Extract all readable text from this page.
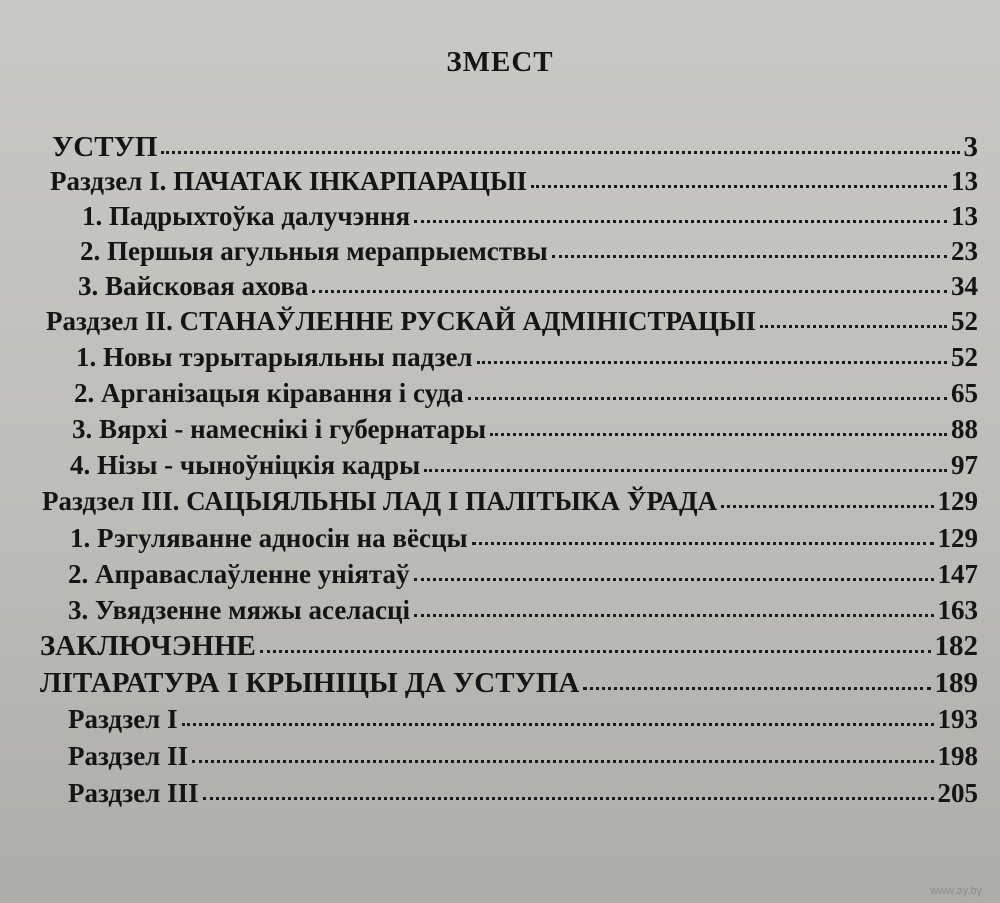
ЗМЕСТ
УСТУП	3
Раздзел I. ПАЧАТАК ІНКАРПАРАЦЫІ	13
1. Падрыхтоўка далучэння	13
2. Першыя агульныя мерапрыемствы	23
3. Вайсковая ахова	34
Раздзел II. СТАНАЎЛЕННЕ РУСКАЙ АДМІНІСТРАЦЫІ	52
1. Новы тэрытарыяльны падзел	52
2. Арганізацыя кіравання і суда	65
3. Вярхі - намеснікі і губернатары	88
4. Нізы - чыноўніцкія кадры	97
Раздзел III. САЦЫЯЛЬНЫ ЛАД І ПАЛІТЫКА ЎРАДА	129
1. Рэгуляванне адносін на вёсцы	129
2. Аправаслаўленне уніятаў	147
3. Увядзенне мяжы аселасці	163
ЗАКЛЮЧЭННЕ	182
ЛІТАРАТУРА І КРЫНІЦЫ ДА УСТУПА	189
Раздзел I	193
Раздзел II	198
Раздзел III	205
www.ay.by
